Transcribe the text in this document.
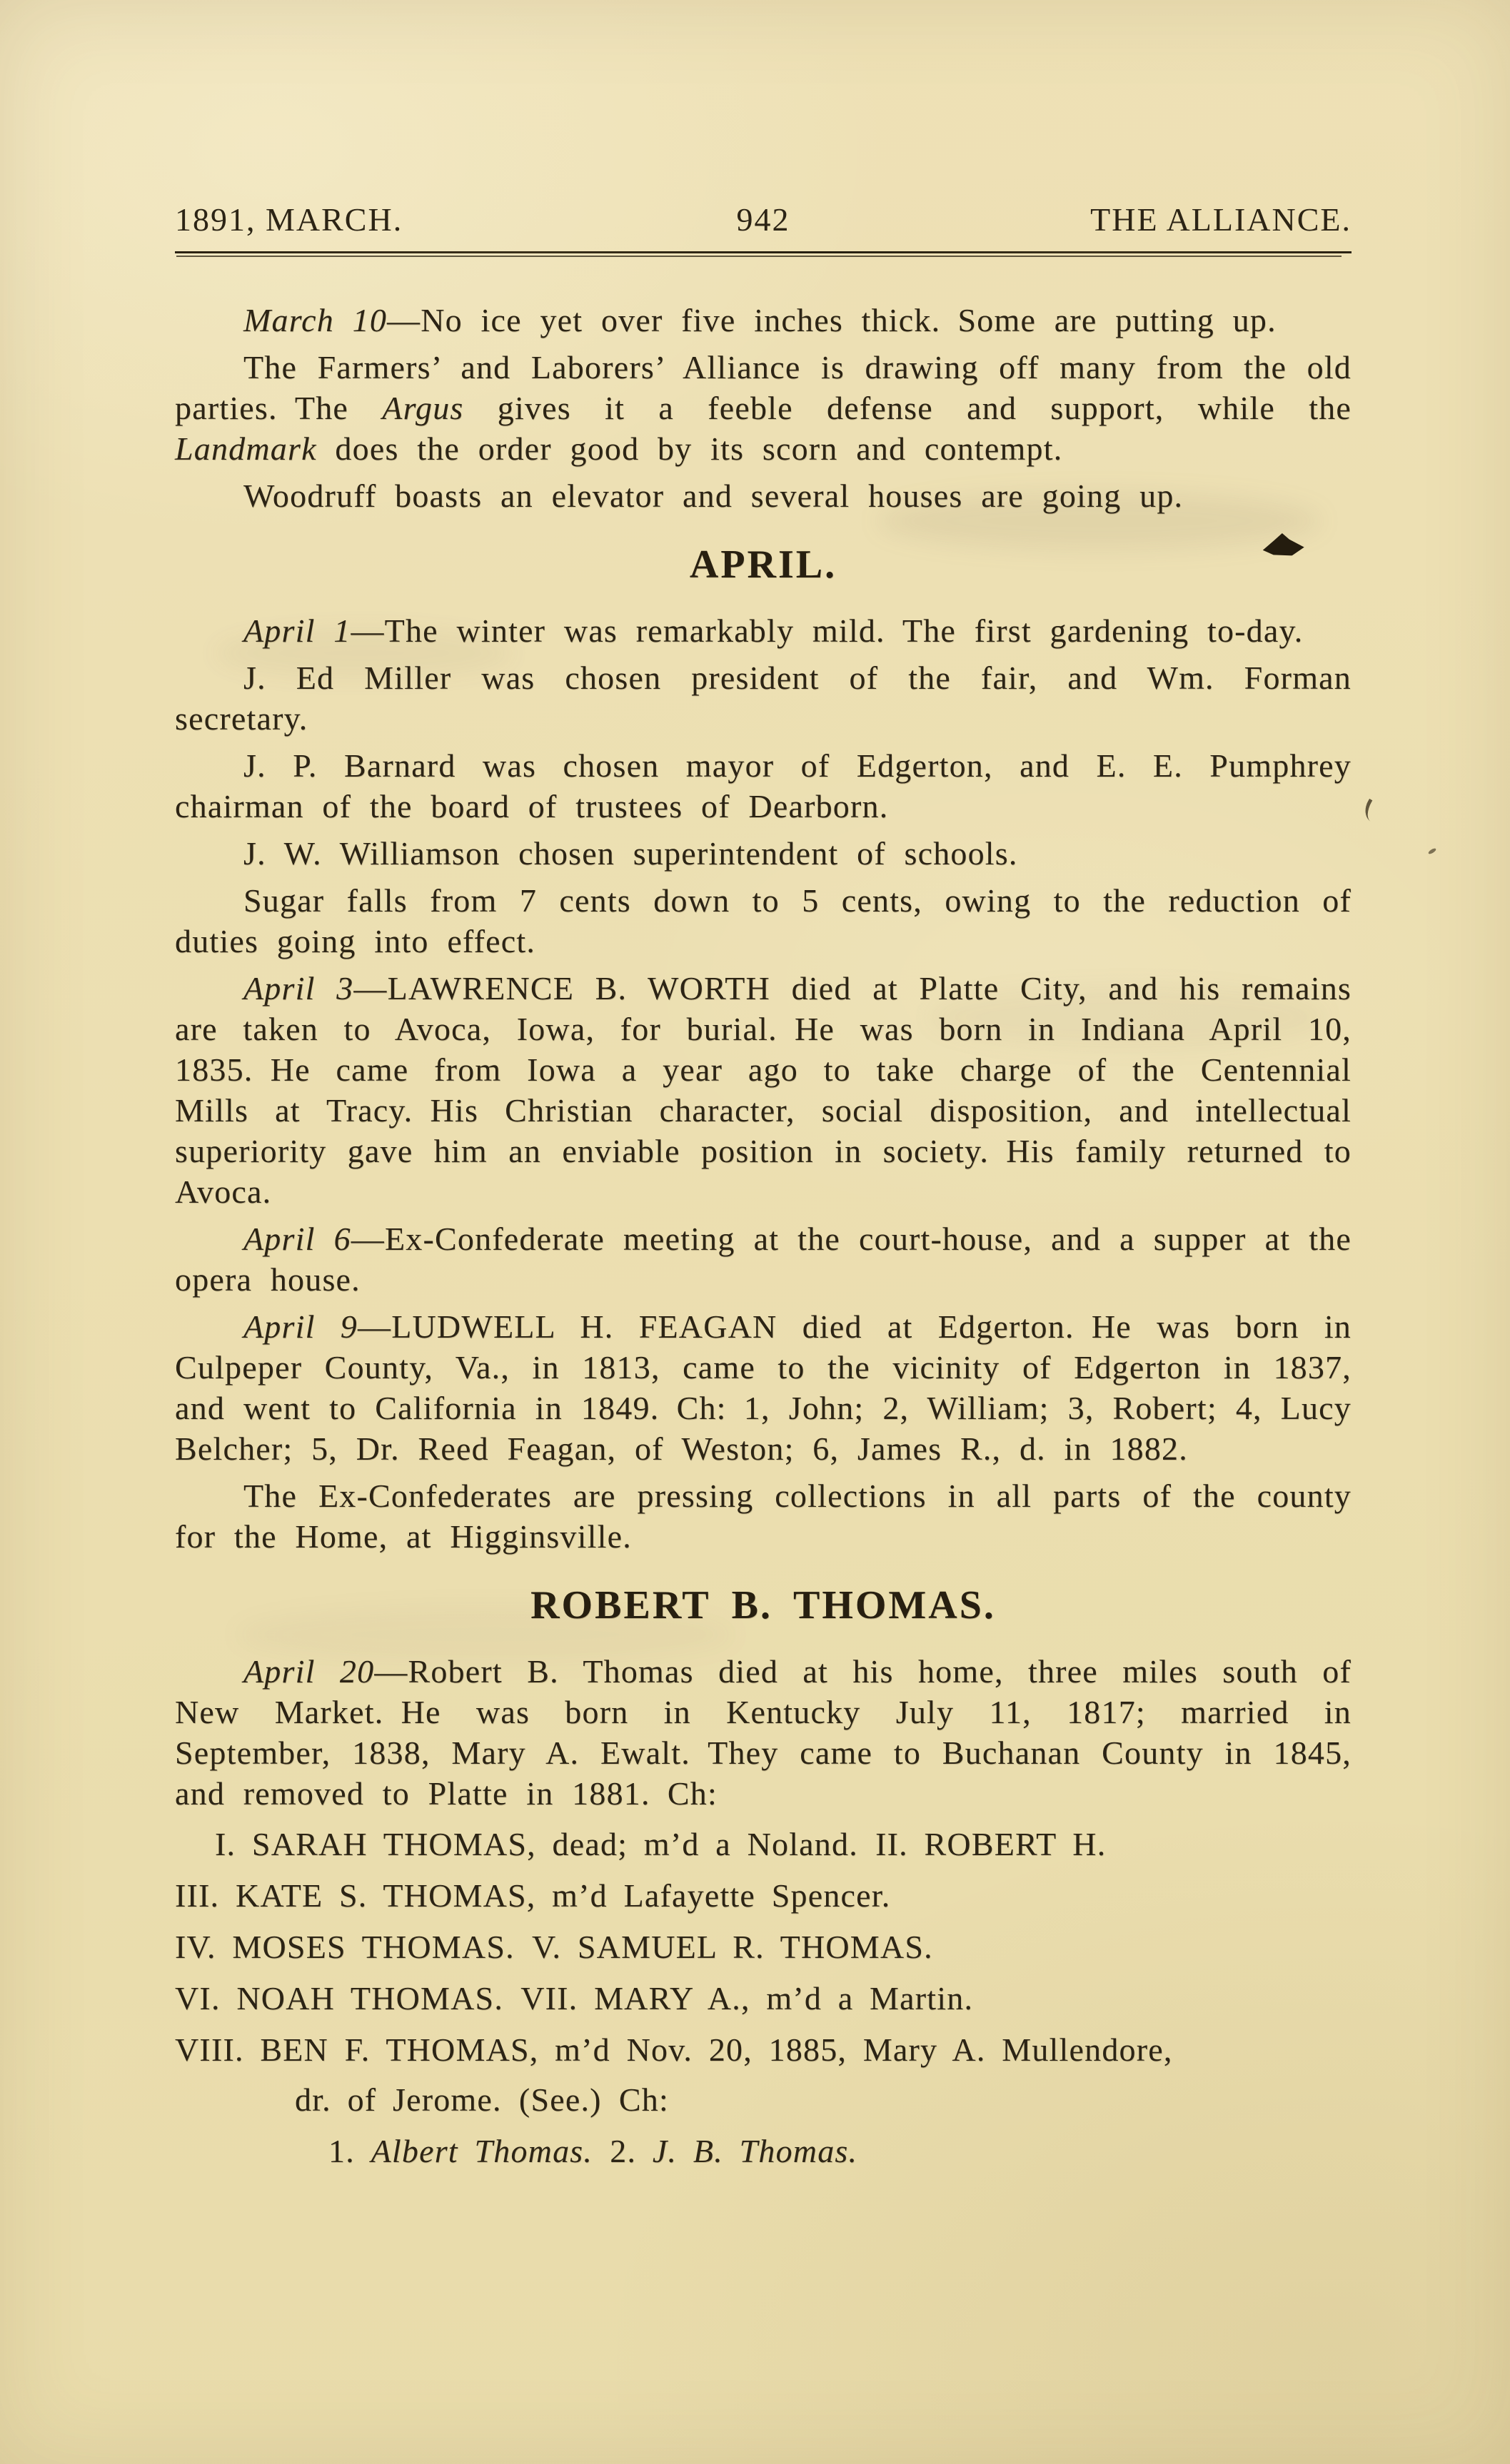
1891, MARCH.	942	THE ALLIANCE.

March 10—No ice yet over five inches thick. Some are putting up.

The Farmers’ and Laborers’ Alliance is drawing off many from the old parties. The Argus gives it a feeble defense and support, while the Landmark does the order good by its scorn and contempt.

Woodruff boasts an elevator and several houses are going up.

APRIL.

April 1—The winter was remarkably mild. The first gardening to-day.

J. Ed Miller was chosen president of the fair, and Wm. Forman secretary.

J. P. Barnard was chosen mayor of Edgerton, and E. E. Pumphrey chairman of the board of trustees of Dearborn.

J. W. Williamson chosen superintendent of schools.

Sugar falls from 7 cents down to 5 cents, owing to the reduction of duties going into effect.

April 3—LAWRENCE B. WORTH died at Platte City, and his remains are taken to Avoca, Iowa, for burial. He was born in Indiana April 10, 1835. He came from Iowa a year ago to take charge of the Centennial Mills at Tracy. His Christian character, social disposition, and intellectual superiority gave him an enviable position in society. His family returned to Avoca.

April 6—Ex-Confederate meeting at the court-house, and a supper at the opera house.

April 9—LUDWELL H. FEAGAN died at Edgerton. He was born in Culpeper County, Va., in 1813, came to the vicinity of Edgerton in 1837, and went to California in 1849. Ch: 1, John; 2, William; 3, Robert; 4, Lucy Belcher; 5, Dr. Reed Feagan, of Weston; 6, James R., d. in 1882.

The Ex-Confederates are pressing collections in all parts of the county for the Home, at Higginsville.

ROBERT B. THOMAS.

April 20—Robert B. Thomas died at his home, three miles south of New Market. He was born in Kentucky July 11, 1817; married in September, 1838, Mary A. Ewalt. They came to Buchanan County in 1845, and removed to Platte in 1881. Ch:

I. SARAH THOMAS, dead; m’d a Noland. II. ROBERT H.

III. KATE S. THOMAS, m’d Lafayette Spencer.

IV. MOSES THOMAS. V. SAMUEL R. THOMAS.

VI. NOAH THOMAS. VII. MARY A., m’d a Martin.

VIII. BEN F. THOMAS, m’d Nov. 20, 1885, Mary A. Mullendore,
dr. of Jerome. (See.) Ch:

1. Albert Thomas. 2. J. B. Thomas.
